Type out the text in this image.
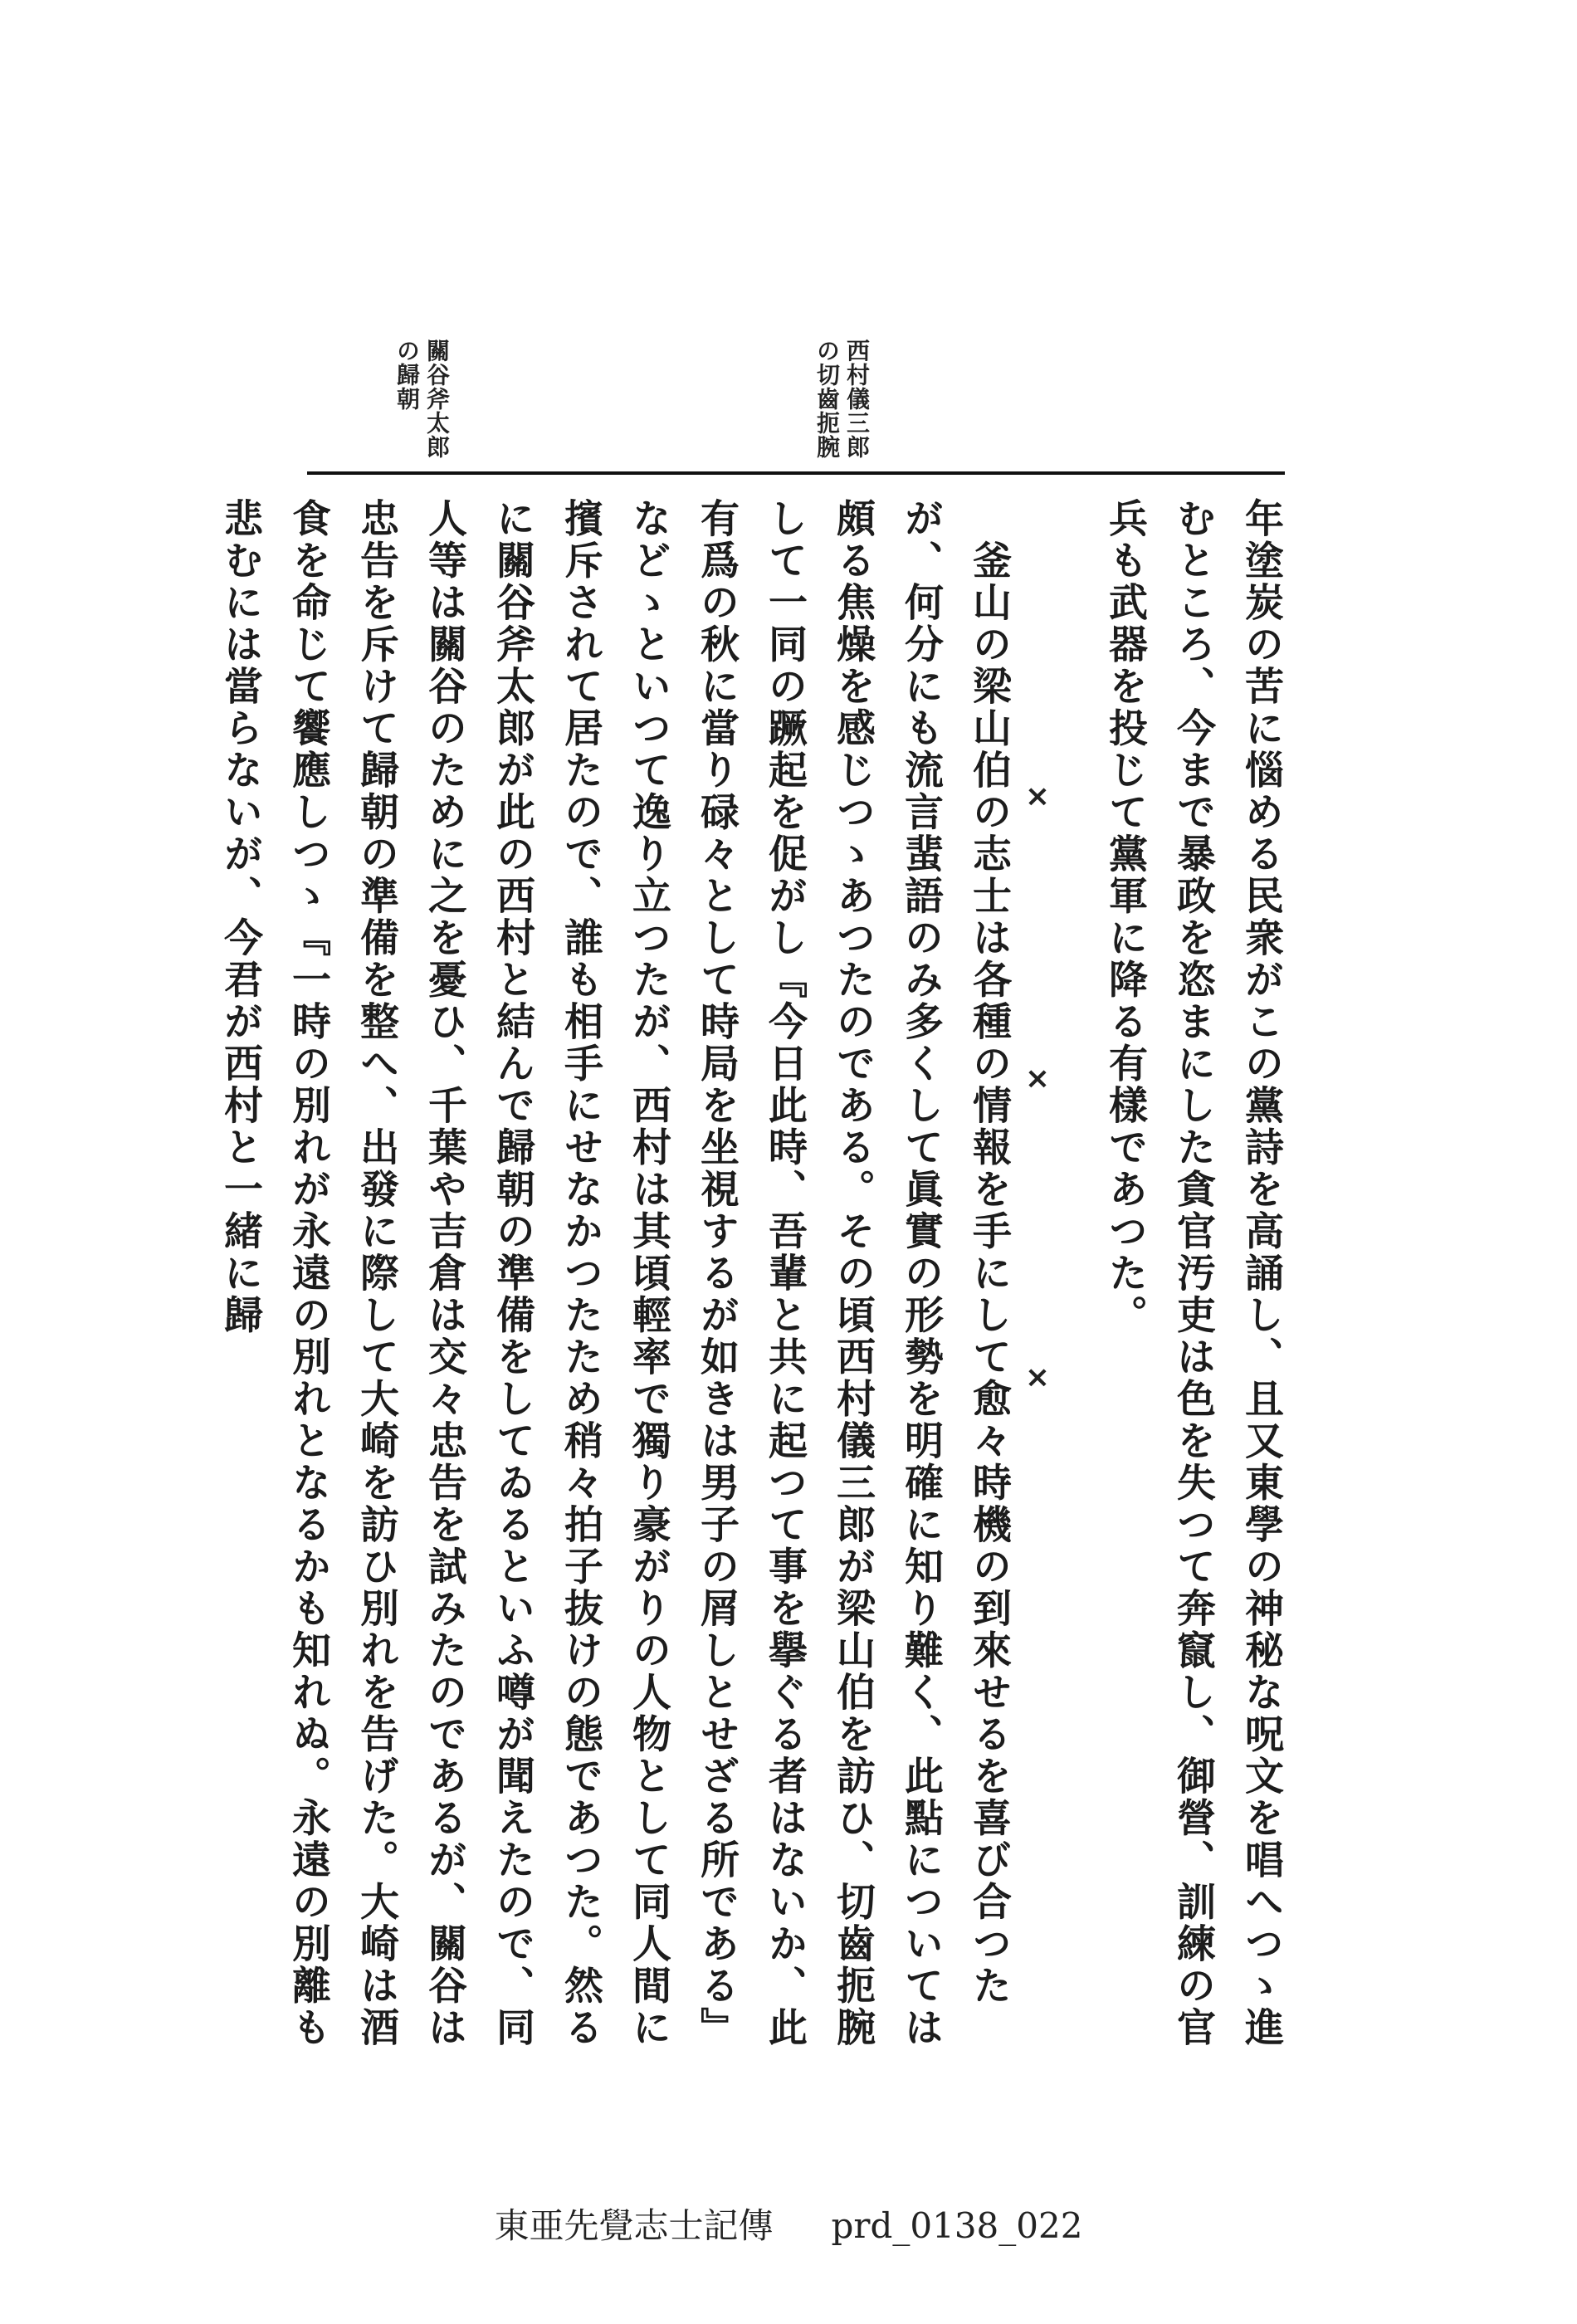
西村儀三郎の切齒扼腕
關谷斧太郎の歸朝
年塗炭の苦に惱める民衆がこの黨詩を高誦し、且又東學の神秘な呪文を唱へつゝ進むところ、今まで暴政を恣まにした貪官汚吏は色を失つて奔竄し、御營、訓練の官兵も武器を投じて黨軍に降る有樣であつた。

　釜山の梁山伯の志士は各種の情報を手にして愈々時機の到來せるを喜び合つたが、何分にも流言蜚語のみ多くして眞實の形勢を明確に知り難く、此點については頗る焦燥を感じつゝあつたのである。その頃西村儀三郎が梁山伯を訪ひ、切齒扼腕して一同の蹶起を促がし『今日此時、吾輩と共に起つて事を擧ぐる者はないか、此有爲の秋に當り碌々として時局を坐視するが如きは男子の屑しとせざる所である』などゝといつて逸り立つたが、西村は其頃輕率で獨り豪がりの人物として同人間に擯斥されて居たので、誰も相手にせなかつたため稍々拍子抜けの態であつた。然るに關谷斧太郎が此の西村と結んで歸朝の準備をしてゐるといふ噂が聞えたので、同人等は關谷のために之を憂ひ、千葉や吉倉は交々忠告を試みたのであるが、關谷は忠告を斥けて歸朝の準備を整へ、出發に際して大崎を訪ひ別れを告げた。大崎は酒食を命じて饗應しつゝ『一時の別れが永遠の別れとなるかも知れぬ。永遠の別離も悲むには當らないが、今君が西村と一緒に歸	×
×
×
東亜先覺志士記傳 prd_0138_022
